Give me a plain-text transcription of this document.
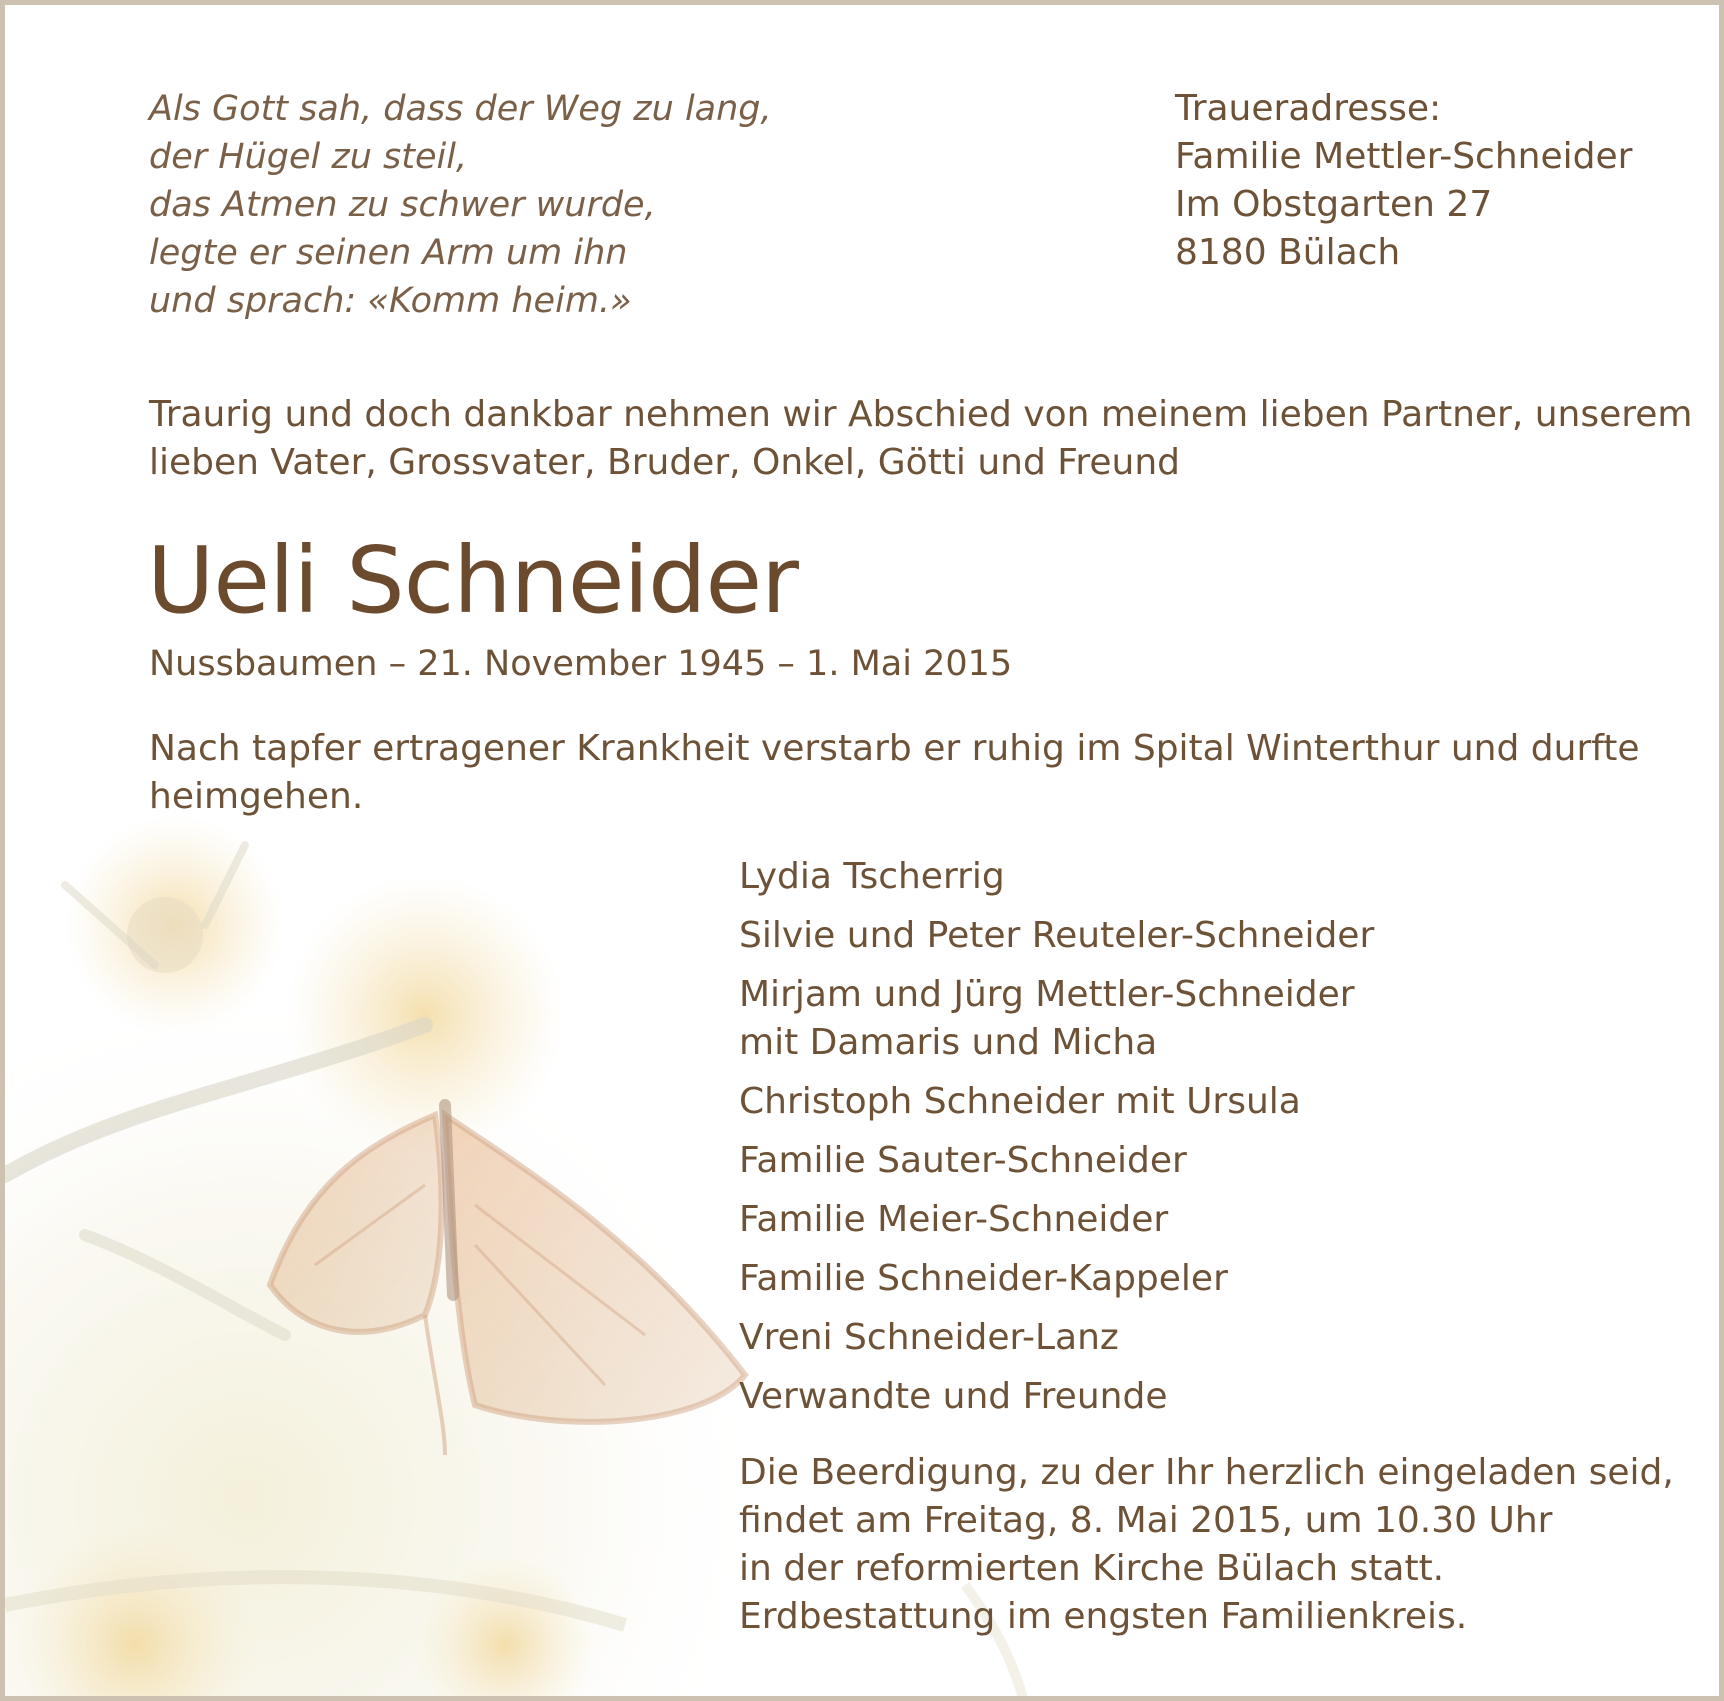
Als Gott sah, dass der Weg zu lang,
der Hügel zu steil,
das Atmen zu schwer wurde,
legte er seinen Arm um ihn
und sprach: «Komm heim.»
Traueradresse:
Familie Mettler-Schneider
Im Obstgarten 27
8180 Bülach
Traurig und doch dankbar nehmen wir Abschied von meinem lieben Partner, unserem
lieben Vater, Grossvater, Bruder, Onkel, Götti und Freund
Ueli Schneider
Nussbaumen – 21. November 1945 – 1. Mai 2015
Nach tapfer ertragener Krankheit verstarb er ruhig im Spital Winterthur und durfte
heimgehen.
Lydia Tscherrig
Silvie und Peter Reuteler-Schneider
Mirjam und Jürg Mettler-Schneider
mit Damaris und Micha
Christoph Schneider mit Ursula
Familie Sauter-Schneider
Familie Meier-Schneider
Familie Schneider-Kappeler
Vreni Schneider-Lanz
Verwandte und Freunde
Die Beerdigung, zu der Ihr herzlich eingeladen seid,
findet am Freitag, 8. Mai 2015, um 10.30 Uhr
in der reformierten Kirche Bülach statt.
Erdbestattung im engsten Familienkreis.
